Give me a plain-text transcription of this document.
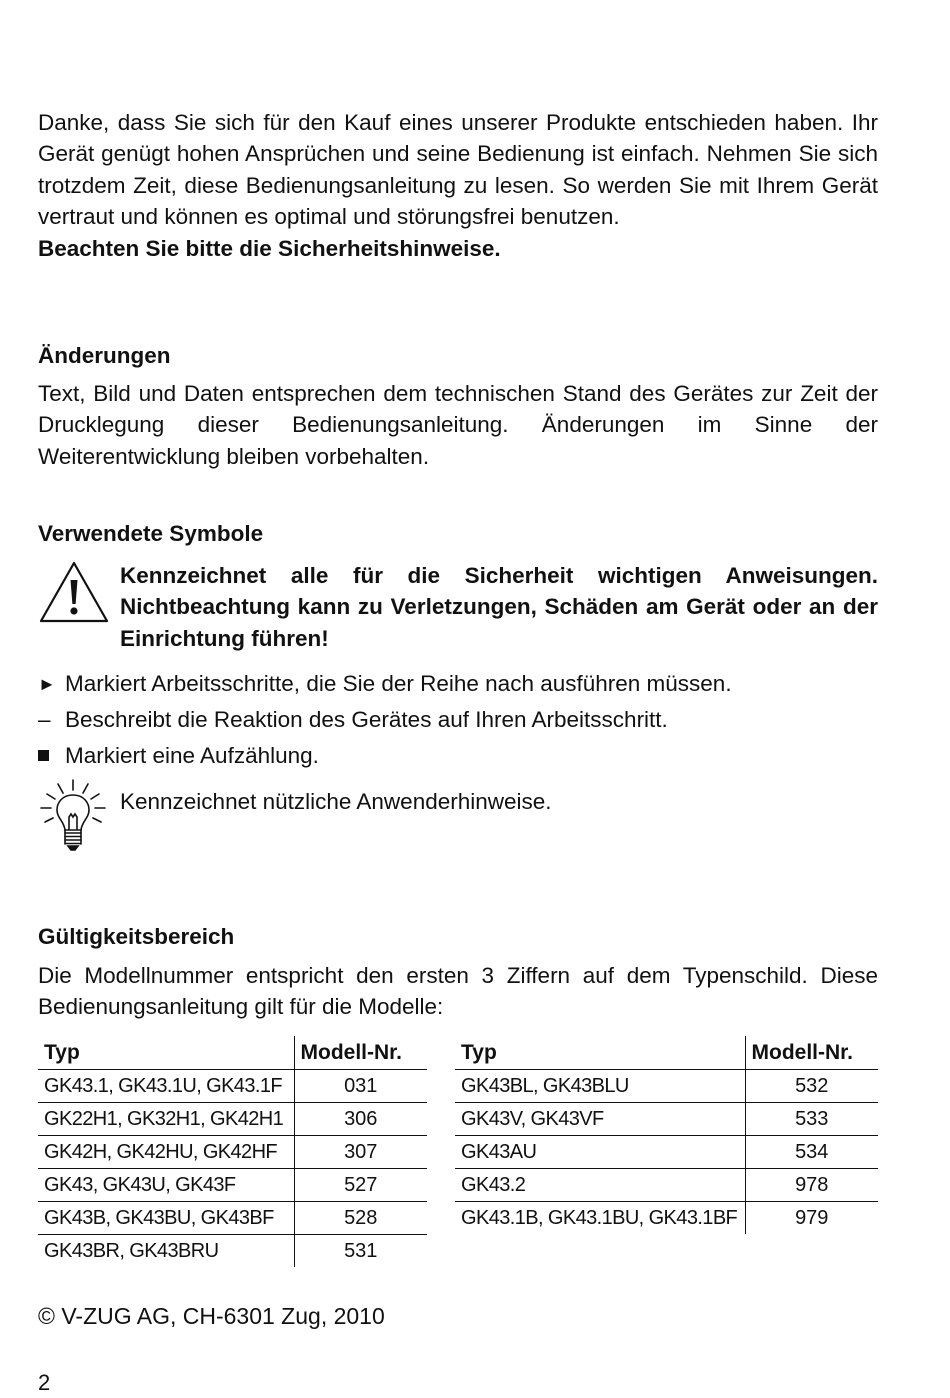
Danke, dass Sie sich für den Kauf eines unserer Produkte entschieden haben. Ihr Gerät genügt hohen Ansprüchen und seine Bedienung ist einfach. Nehmen Sie sich trotzdem Zeit, diese Bedienungsanleitung zu lesen. So werden Sie mit Ihrem Gerät vertraut und können es optimal und störungsfrei benutzen.

Beachten Sie bitte die Sicherheitshinweise.

Änderungen

Text, Bild und Daten entsprechen dem technischen Stand des Gerätes zur Zeit der Drucklegung dieser Bedienungsanleitung. Änderungen im Sinne der Weiterentwicklung bleiben vorbehalten.

Verwendete Symbole

Kennzeichnet alle für die Sicherheit wichtigen Anweisungen. Nichtbeachtung kann zu Verletzungen, Schäden am Gerät oder an der Einrichtung führen!

► Markiert Arbeitsschritte, die Sie der Reihe nach ausführen müssen.
– Beschreibt die Reaktion des Gerätes auf Ihren Arbeitsschritt.
Markiert eine Aufzählung.
Kennzeichnet nützliche Anwenderhinweise.
Gültigkeitsbereich

Die Modellnummer entspricht den ersten 3 Ziffern auf dem Typenschild. Diese Bedienungsanleitung gilt für die Modelle:

Typ	Modell-Nr.
GK43.1, GK43.1U, GK43.1F	031
GK22H1, GK32H1, GK42H1	306
GK42H, GK42HU, GK42HF	307
GK43, GK43U, GK43F	527
GK43B, GK43BU, GK43BF	528
GK43BR, GK43BRU	531
Typ	Modell-Nr.
GK43BL, GK43BLU	532
GK43V, GK43VF	533
GK43AU	534
GK43.2	978
GK43.1B, GK43.1BU, GK43.1BF	979
© V-ZUG AG, CH-6301 Zug, 2010
2
